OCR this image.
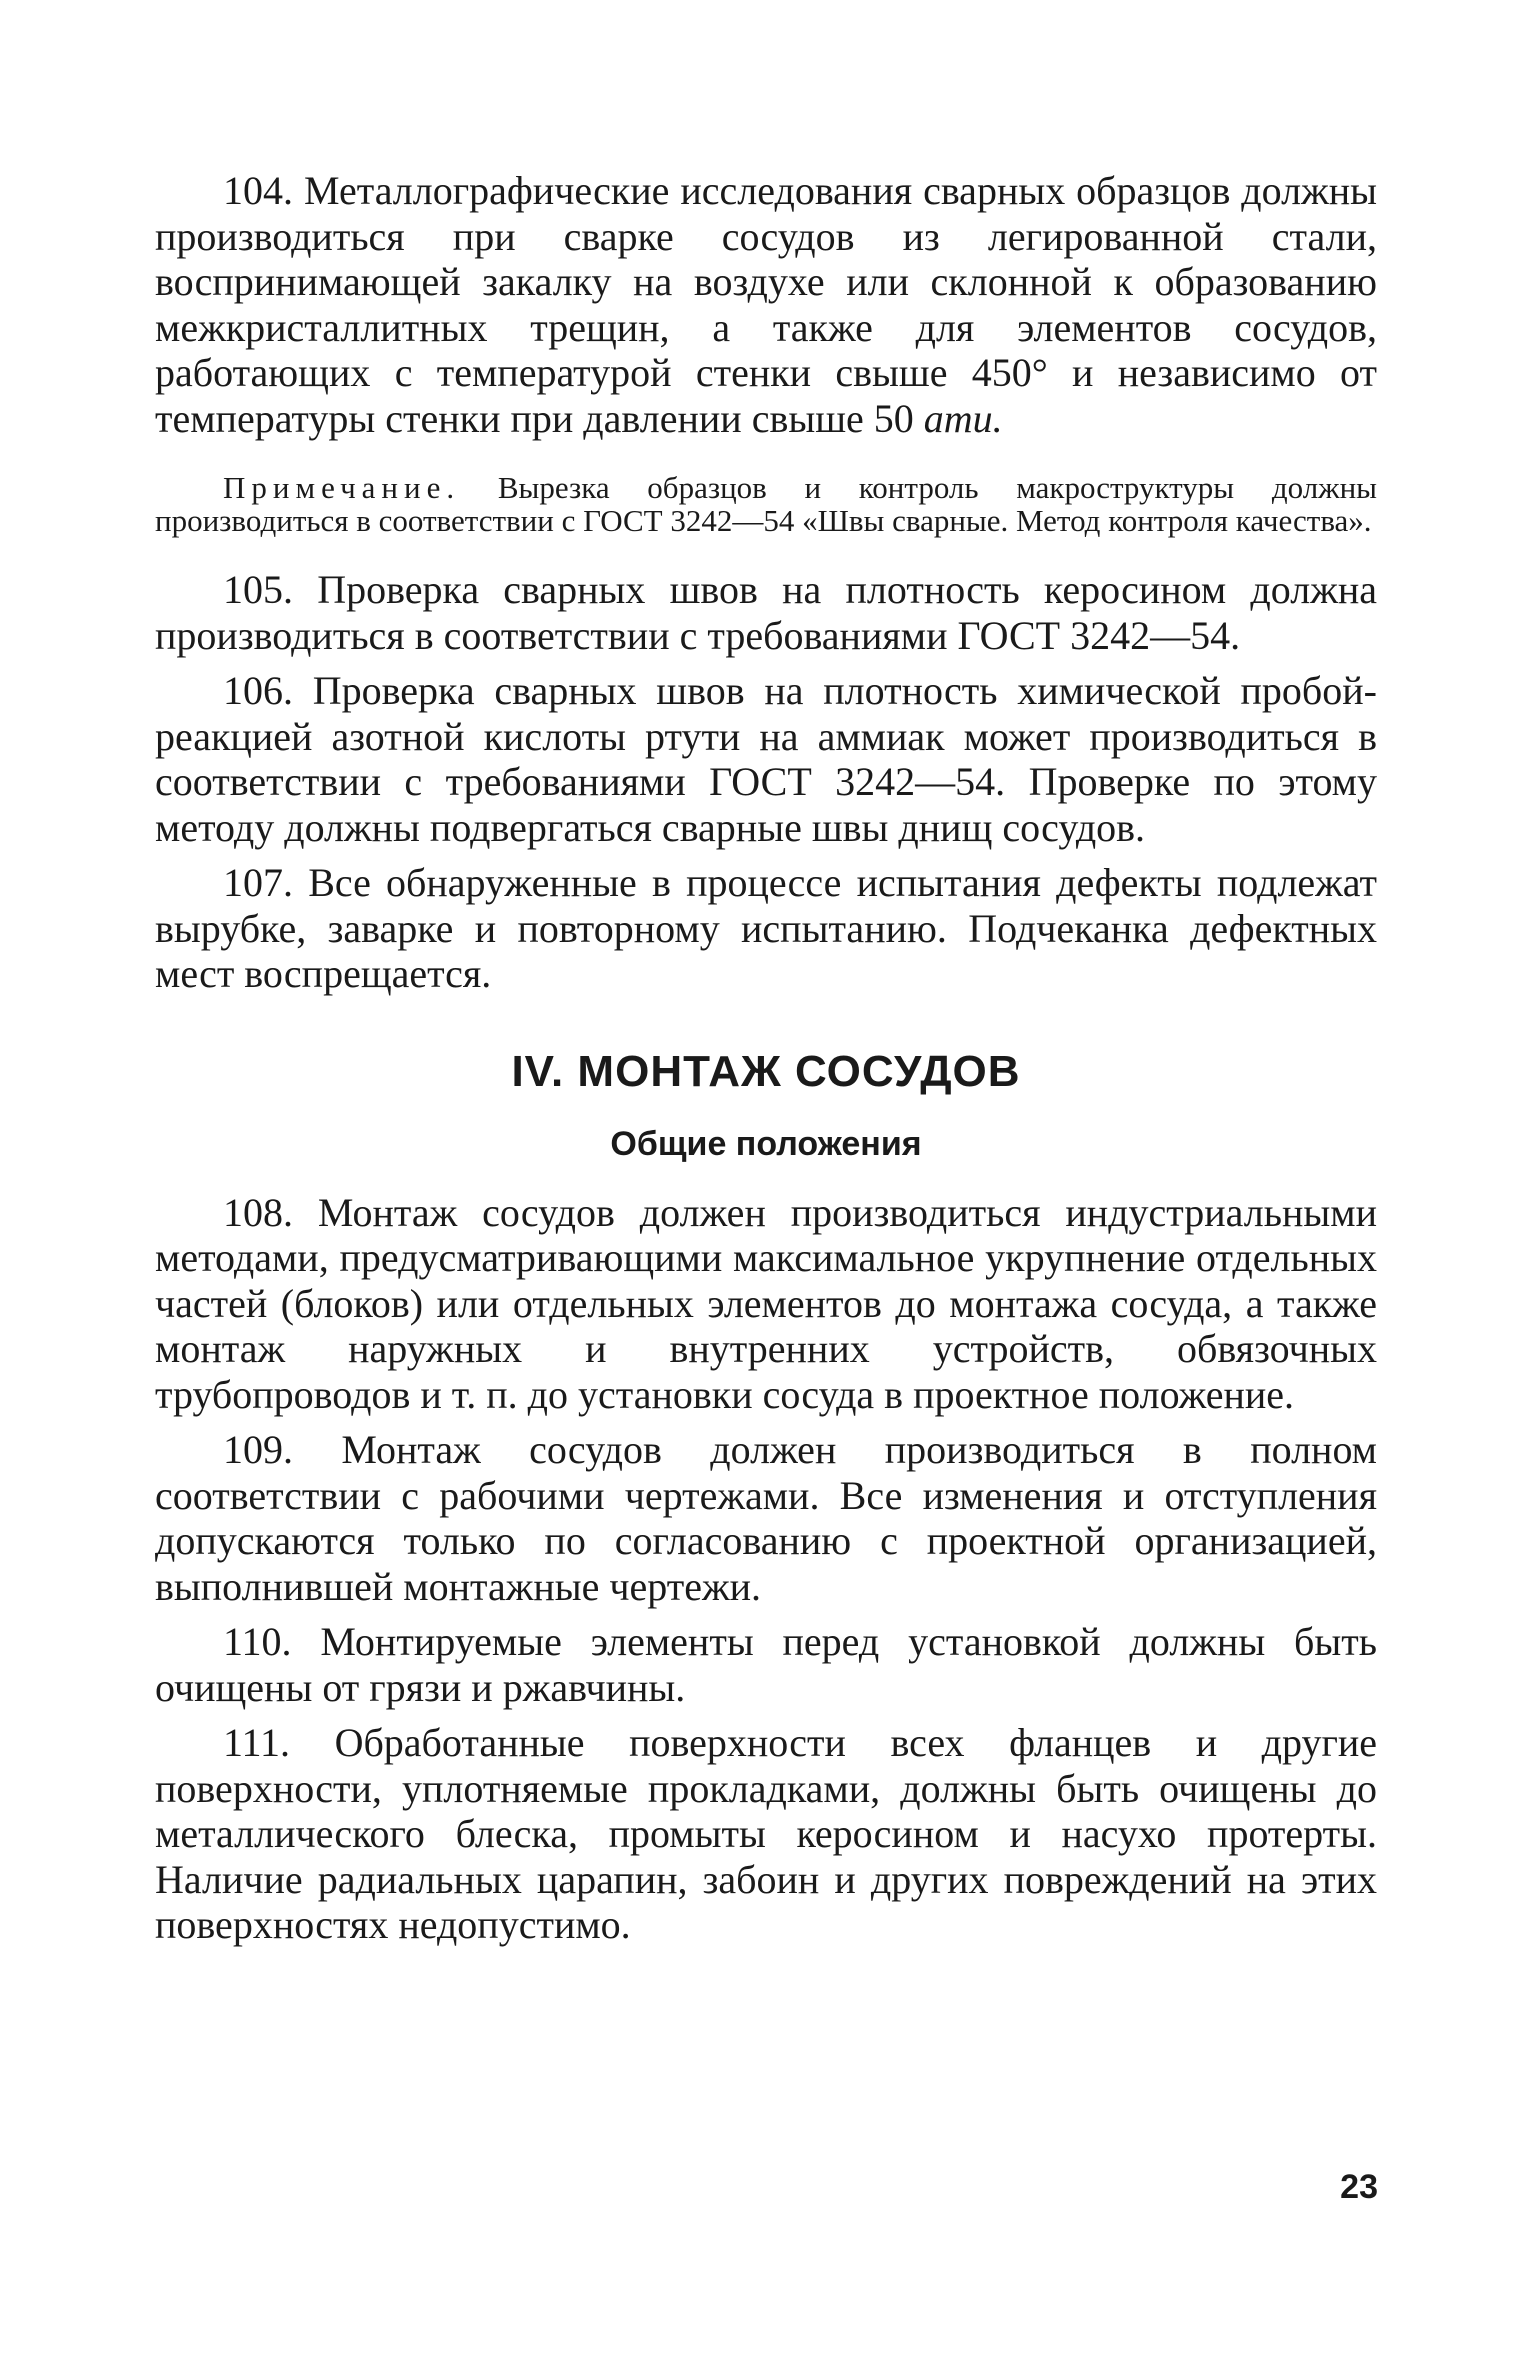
104. Металлографические исследования сварных образцов должны производиться при сварке сосудов из легированной стали, воспринимающей закалку на воздухе или склонной к образованию межкристаллитных трещин, а также для элементов сосудов, работающих с температурой стенки свыше 450° и независимо от температуры стенки при давлении свыше 50 ати.

Примечание. Вырезка образцов и контроль макроструктуры должны производиться в соответствии с ГОСТ 3242—54 «Швы сварные. Метод контроля качества».

105. Проверка сварных швов на плотность керосином должна производиться в соответствии с требованиями ГОСТ 3242—54.

106. Проверка сварных швов на плотность химической пробой-реакцией азотной кислоты ртути на аммиак может производиться в соответствии с требованиями ГОСТ 3242—54. Проверке по этому методу должны подвергаться сварные швы днищ сосудов.

107. Все обнаруженные в процессе испытания дефекты подлежат вырубке, заварке и повторному испытанию. Подчеканка дефектных мест воспрещается.

IV. МОНТАЖ СОСУДОВ
Общие положения

108. Монтаж сосудов должен производиться индустриальными методами, предусматривающими максимальное укрупнение отдельных частей (блоков) или отдельных элементов до монтажа сосуда, а также монтаж наружных и внутренних устройств, обвязочных трубопроводов и т. п. до установки сосуда в проектное положение.

109. Монтаж сосудов должен производиться в полном соответствии с рабочими чертежами. Все изменения и отступления допускаются только по согласованию с проектной организацией, выполнившей монтажные чертежи.

110. Монтируемые элементы перед установкой должны быть очищены от грязи и ржавчины.

111. Обработанные поверхности всех фланцев и другие поверхности, уплотняемые прокладками, должны быть очищены до металлического блеска, промыты керосином и насухо протерты. Наличие радиальных царапин, забоин и других повреждений на этих поверхностях недопустимо.

23
